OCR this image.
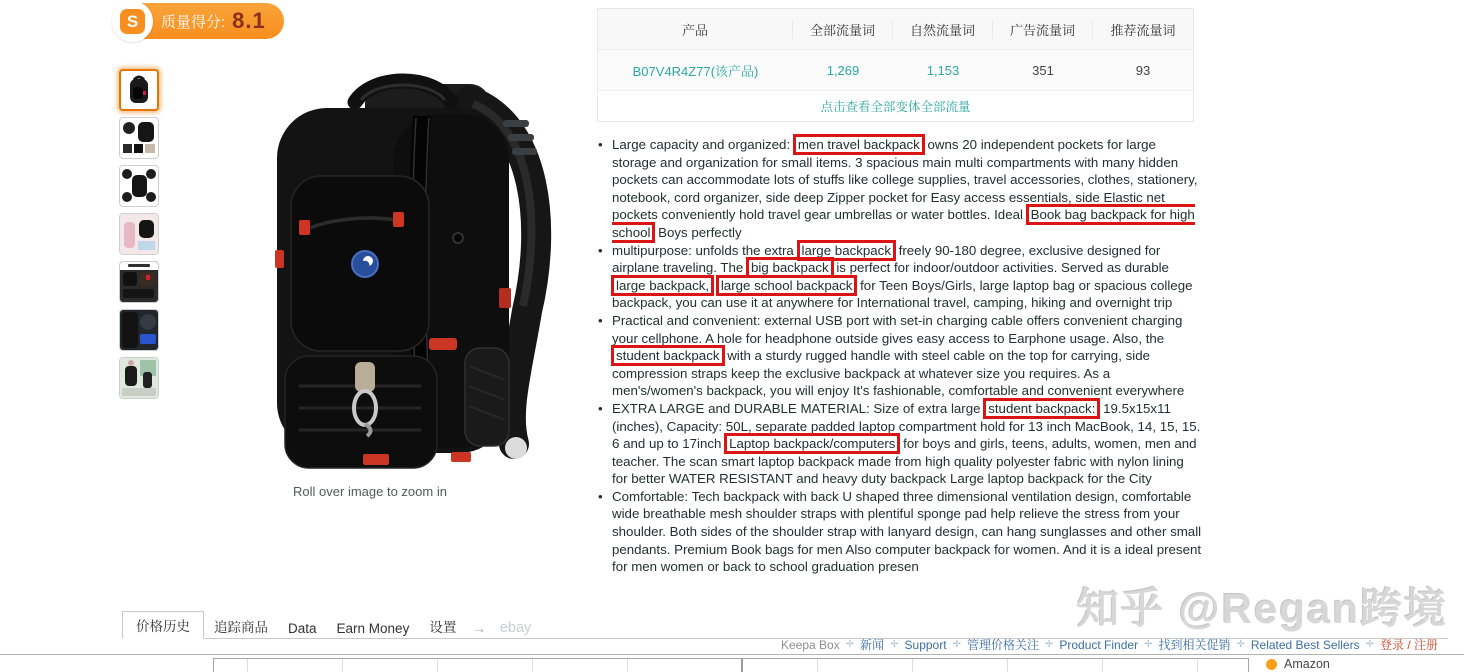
S	质量得分: 8.1
Roll over image to zoom in
产品	全部流量词	自然流量词	广告流量词	推荐流量词
B07V4R4Z77(该产品)	1,269	1,153	351	93
点击查看全部变体全部流量
• Large capacity and organized: men travel backpack owns 20 independent pockets for large storage and organization for small items. 3 spacious main multi compartments with many hidden pockets can accommodate lots of stuffs like college supplies, travel accessories, clothes, stationery, notebook, cord organizer, side deep Zipper pocket for Easy access essentials, side Elastic net pockets conveniently hold travel gear umbrellas or water bottles. Ideal Book bag backpack for high school Boys perfectly
• multipurpose: unfolds the extra large backpack freely 90-180 degree, exclusive designed for airplane traveling. The big backpack is perfect for indoor/outdoor activities. Served as durable large backpack, large school backpack for Teen Boys/Girls, large laptop bag or spacious college backpack, you can use it at anywhere for International travel, camping, hiking and overnight trip
• Practical and convenient: external USB port with set-in charging cable offers convenient charging your cellphone. A hole for headphone outside gives easy access to Earphone usage. Also, the student backpack with a sturdy rugged handle with steel cable on the top for carrying, side compression straps keep the exclusive backpack at whatever size you requires. As a men's/women's backpack, you will enjoy It's fashionable, comfortable and convenient everywhere
• EXTRA LARGE and DURABLE MATERIAL: Size of extra large student backpack: 19.5x15x11 (inches), Capacity: 50L, separate padded laptop compartment hold for 13 inch MacBook, 14, 15, 15. 6 and up to 17inch Laptop backpack/computers for boys and girls, teens, adults, women, men and teacher. The scan smart laptop backpack made from high quality polyester fabric with nylon lining for better WATER RESISTANT and heavy duty backpack Large laptop backpack for the City
• Comfortable: Tech backpack with back U shaped three dimensional ventilation design, comfortable wide breathable mesh shoulder straps with plentiful sponge pad help relieve the stress from your shoulder. Both sides of the shoulder strap with lanyard design, can hang sunglasses and other small pendants. Premium Book bags for men Also computer backpack for women. And it is a ideal present for men women or back to school graduation presen
价格历史	追踪商品	Data	Earn Money	设置	→ ebay
Keepa Box ✛ 新闻 ✛ Support ✛ 管理价格关注 ✛ Product Finder ✛ 找到相关促销 ✛ Related Best Sellers ✛ 登录 / 注册
Amazon
知乎 @Regan跨境
